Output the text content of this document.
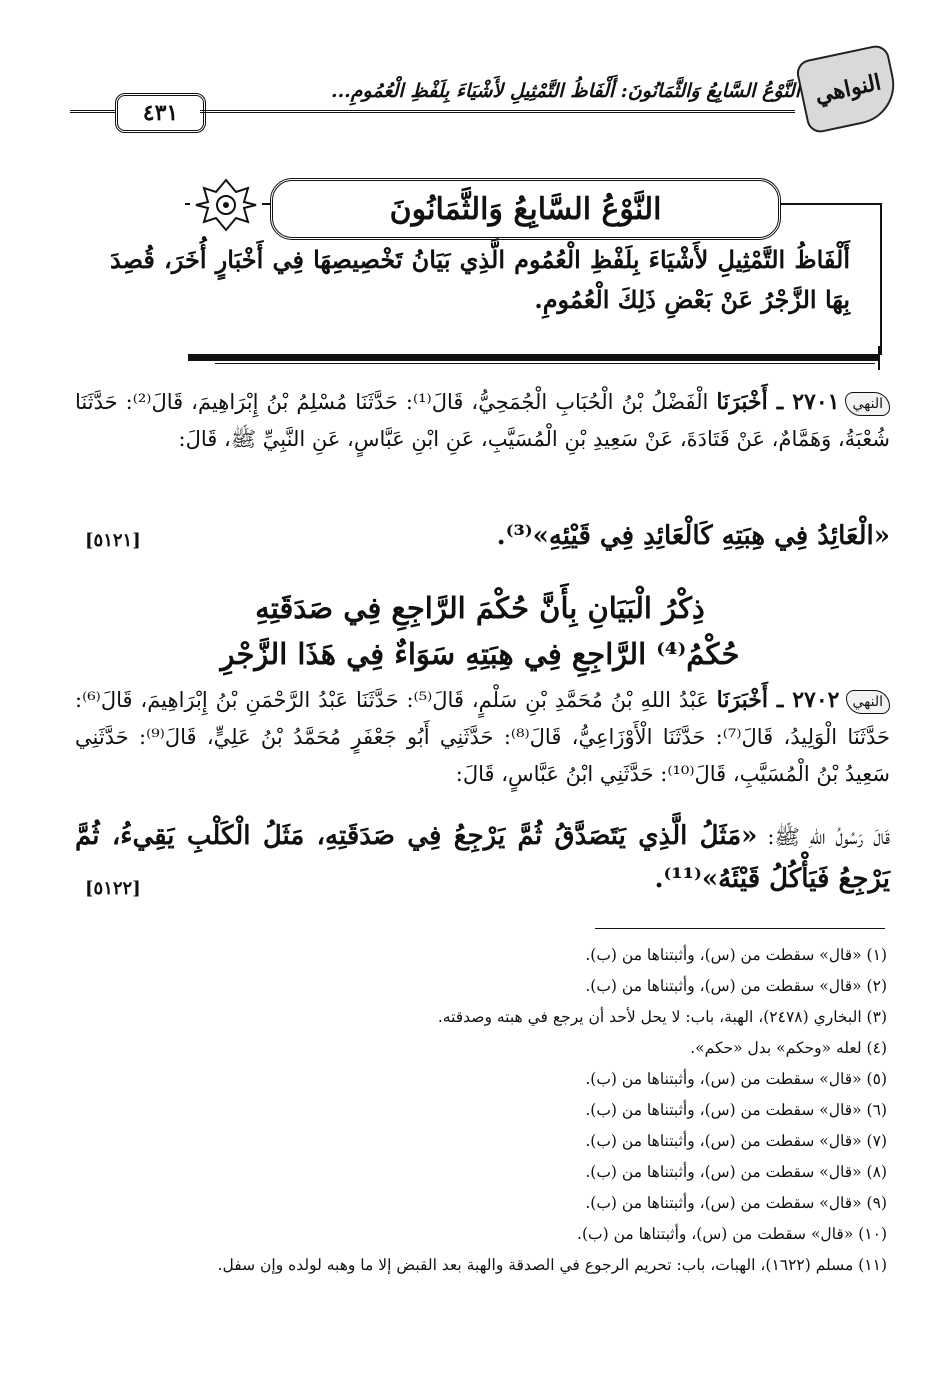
٤٣١
النَّوْعُ السَّابِعُ وَالثَّمَانُونَ: أَلْفَاظُ التَّمْثِيلِ لأَشْيَاءَ بِلَفْظِ الْعُمُومِ... النواهي
النَّوْعُ السَّابِعُ وَالثَّمَانُونَ
أَلْفَاظُ التَّمْثِيلِ لأَشْيَاءَ بِلَفْظِ الْعُمُوم الَّذِي بَيَانُ تَخْصِيصِهَا فِي أَخْبَارٍ أُخَرَ، قُصِدَ بِهَا الزَّجْرُ عَنْ بَعْضِ ذَلِكَ الْعُمُومِ.
النهي٢٧٠١ ـ أَخْبَرَنَا الْفَضْلُ بْنُ الْحُبَابِ الْجُمَحِيُّ، قَالَ⁽¹⁾: حَدَّثَنَا مُسْلِمُ بْنُ إِبْرَاهِيمَ، قَالَ⁽²⁾: حَدَّثَنَا شُعْبَةُ، وَهَمَّامٌ، عَنْ قَتَادَةَ، عَنْ سَعِيدِ بْنِ الْمُسَيَّبِ، عَنِ ابْنِ عَبَّاسٍ، عَنِ النَّبِيِّ ﷺ، قَالَ:
«الْعَائِدُ فِي هِبَتِهِ كَالْعَائِدِ فِي قَيْئِهِ»⁽³⁾.
[٥١٢١]
ذِكْرُ الْبَيَانِ بِأَنَّ حُكْمَ الرَّاجِعِ فِي صَدَقَتِهِ
حُكْمُ⁽⁴⁾ الرَّاجِعِ فِي هِبَتِهِ سَوَاءٌ فِي هَذَا الزَّجْرِ
النهي٢٧٠٢ ـ أَخْبَرَنَا عَبْدُ اللهِ بْنُ مُحَمَّدِ بْنِ سَلْمٍ، قَالَ⁽⁵⁾: حَدَّثَنَا عَبْدُ الرَّحْمَنِ بْنُ إِبْرَاهِيمَ، قَالَ⁽⁶⁾: حَدَّثَنَا الْوَلِيدُ، قَالَ⁽⁷⁾: حَدَّثَنَا الْأَوْزَاعِيُّ، قَالَ⁽⁸⁾: حَدَّثَنِي أَبُو جَعْفَرٍ مُحَمَّدُ بْنُ عَلِيٍّ، قَالَ⁽⁹⁾: حَدَّثَنِي سَعِيدُ بْنُ الْمُسَيَّبِ، قَالَ⁽¹⁰⁾: حَدَّثَنِي ابْنُ عَبَّاسٍ، قَالَ:
قَالَ رَسُولُ اللهِ ﷺ: «مَثَلُ الَّذِي يَتَصَدَّقُ ثُمَّ يَرْجِعُ فِي صَدَقَتِهِ، مَثَلُ الْكَلْبِ يَقِيءُ، ثُمَّ يَرْجِعُ فَيَأْكُلُ قَيْئَهُ»⁽¹¹⁾.
[٥١٢٢]
(١) «قال» سقطت من (س)، وأثبتناها من (ب).
(٢) «قال» سقطت من (س)، وأثبتناها من (ب).
(٣) البخاري (٢٤٧٨)، الهبة، باب: لا يحل لأحد أن يرجع في هبته وصدقته.
(٤) لعله «وحكم» بدل «حكم».
(٥) «قال» سقطت من (س)، وأثبتناها من (ب).
(٦) «قال» سقطت من (س)، وأثبتناها من (ب).
(٧) «قال» سقطت من (س)، وأثبتناها من (ب).
(٨) «قال» سقطت من (س)، وأثبتناها من (ب).
(٩) «قال» سقطت من (س)، وأثبتناها من (ب).
(١٠) «قال» سقطت من (س)، وأثبتناها من (ب).
(١١) مسلم (١٦٢٢)، الهبات، باب: تحريم الرجوع في الصدقة والهبة بعد القبض إلا ما وهبه لولده وإن سفل.
